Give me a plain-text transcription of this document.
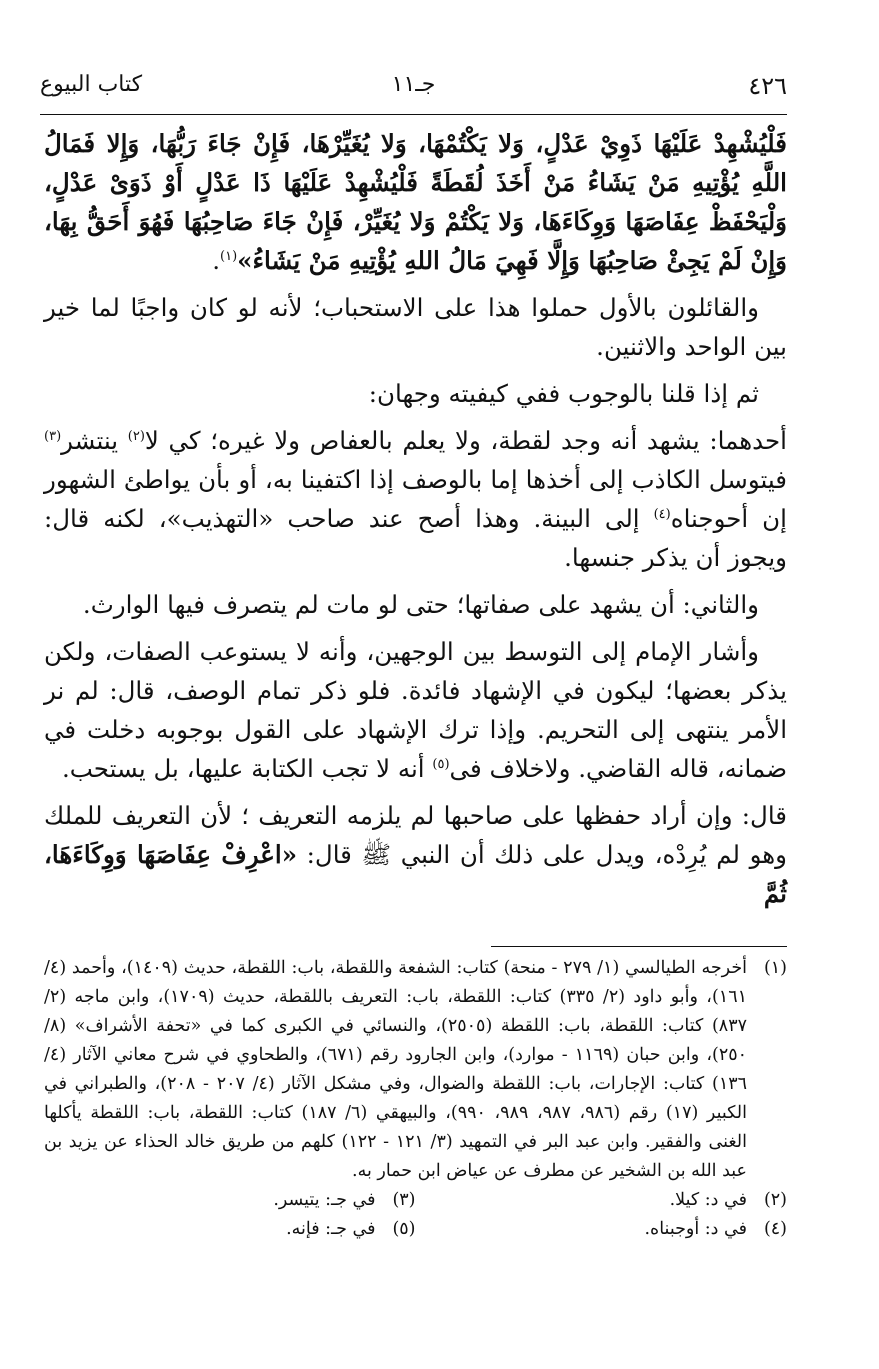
٤٢٦
جـ١١
كتاب البيوع

فَلْيُشْهِدْ عَلَيْهَا ذَوِيْ عَدْلٍ، وَلا يَكْتُمْهَا، وَلا يُغَيِّرْهَا، فَإِنْ جَاءَ رَبُّهَا، وَإِلا فَمَالُ اللَّهِ يُؤْتِيهِ مَنْ يَشَاءُ مَنْ أَخَذَ لُقَطَةً فَلْيُشْهِدْ عَلَيْهَا ذَا عَدْلٍ أَوْ ذَوَىْ عَدْلٍ، وَلْيَحْفَظْ عِفَاصَهَا وَوِكَاءَهَا، وَلا يَكْتُمْ وَلا يُغَيِّرْ، فَإِنْ جَاءَ صَاحِبُهَا فَهُوَ أَحَقُّ بِهَا، وَإِنْ لَمْ يَجِئْ صَاحِبُهَا وَإِلَّا فَهِيَ مَالُ اللهِ يُؤْتِيهِ مَنْ يَشَاءُ»$^{(١)}$.

والقائلون بالأول حملوا هذا على الاستحباب؛ لأنه لو كان واجبًا لما خير بين الواحد والاثنين.

ثم إذا قلنا بالوجوب ففي كيفيته وجهان:

أحدهما: يشهد أنه وجد لقطة، ولا يعلم بالعفاص ولا غيره؛ كي لا$^{(٢)}$ ينتشر$^{(٣)}$ فيتوسل الكاذب إلى أخذها إما بالوصف إذا اكتفينا به، أو بأن يواطئ الشهور إن أحوجناه$^{(٤)}$ إلى البينة. وهذا أصح عند صاحب «التهذيب»، لكنه قال: ويجوز أن يذكر جنسها.

والثاني: أن يشهد على صفاتها؛ حتى لو مات لم يتصرف فيها الوارث.

وأشار الإمام إلى التوسط بين الوجهين، وأنه لا يستوعب الصفات، ولكن يذكر بعضها؛ ليكون في الإشهاد فائدة. فلو ذكر تمام الوصف، قال: لم نر الأمر ينتهى إلى التحريم. وإذا ترك الإشهاد على القول بوجوبه دخلت في ضمانه، قاله القاضي. ولاخلاف فى$^{(٥)}$ أنه لا تجب الكتابة عليها، بل يستحب.

قال: وإن أراد حفظها على صاحبها لم يلزمه التعريف ؛ لأن التعريف للملك وهو لم يُرِدْه، ويدل على ذلك أن النبي ﷺ قال: «اعْرِفْ عِفَاصَهَا وَوِكَاءَهَا، ثُمَّ

(١)
أخرجه الطيالسي (١/ ٢٧٩ - منحة) كتاب: الشفعة واللقطة، باب: اللقطة، حديث (١٤٠٩)، وأحمد (٤/ ١٦١)، وأبو داود (٢/ ٣٣٥) كتاب: اللقطة، باب: التعريف باللقطة، حديث (١٧٠٩)، وابن ماجه (٢/ ٨٣٧) كتاب: اللقطة، باب: اللقطة (٢٥٠٥)، والنسائي في الكبرى كما في «تحفة الأشراف» (٨/ ٢٥٠)، وابن حبان (١١٦٩ - موارد)، وابن الجارود رقم (٦٧١)، والطحاوي في شرح معاني الآثار (٤/ ١٣٦) كتاب: الإجارات، باب: اللقطة والضوال، وفي مشكل الآثار (٤/ ٢٠٧ - ٢٠٨)، والطبراني في الكبير (١٧) رقم (٩٨٦، ٩٨٧، ٩٨٩، ٩٩٠)، والبيهقي (٦/ ١٨٧) كتاب: اللقطة، باب: اللقطة يأكلها الغنى والفقير. وابن عبد البر في التمهيد (٣/ ١٢١ - ١٢٢) كلهم من طريق خالد الحذاء عن يزيد بن عبد الله بن الشخير عن مطرف عن عياض ابن حمار به.
(٢)
في د: كيلا.
(٣)
في جـ: يتيسر.
(٤)
في د: أوجبناه.
(٥)
في جـ: فإنه.
